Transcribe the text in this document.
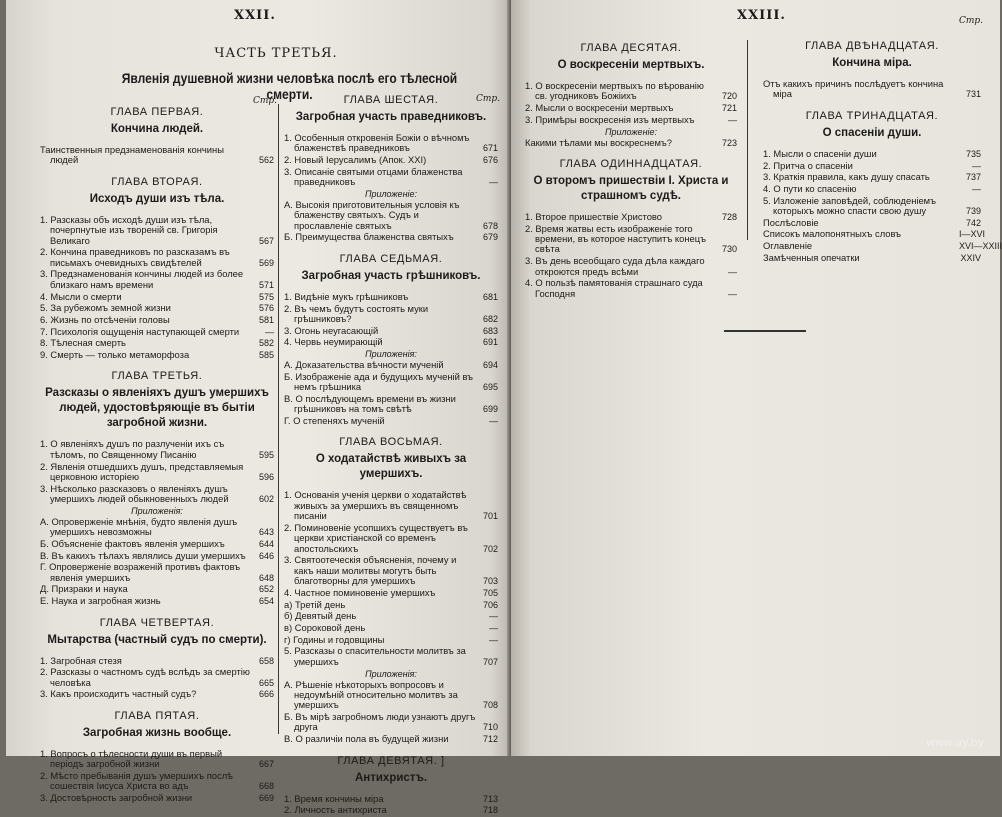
XXII.
ЧАСТЬ ТРЕТЬЯ.
Явленія душевной жизни человѣка послѣ его тѣлесной смерти.
Стр.	Стр.
ГЛАВА ПЕРВАЯ.
Кончина людей.
Таинственныя предзнаменованія кончины людей	562
ГЛАВА ВТОРАЯ.
Исходъ души изъ тѣла.
1. Разсказы объ исходѣ души изъ тѣла, почерпнутые изъ твореній св. Григорія Великаго	567
2. Кончина праведниковъ по разсказамъ въ письмахъ очевидныхъ свидѣтелей	569
3. Предзнаменованія кончины людей из более близкаго намъ времени	571
4. Мысли о смерти	575
5. За рубежомъ земной жизни	576
6. Жизнь по отсѣченіи головы	581
7. Психологія ощущенія наступающей смерти	—
8. Тѣлесная смерть	582
9. Смерть — только метаморфоза	585
ГЛАВА ТРЕТЬЯ.
Разсказы о явленіяхъ душъ умершихъ людей, удостовѣряющіе въ бытіи загробной жизни.
1. О явленіяхъ душъ по разлученіи ихъ съ тѣломъ, по Священному Писанію	595
2. Явленія отшедшихъ душъ, представляемыя церковною исторіею	596
3. Нѣсколько разсказовъ о явленіяхъ душъ умершихъ людей обыкновенныхъ людей	602
Приложенія:
А. Опроверженіе мнѣнія, будто явленія душъ умершихъ невозможны	643
Б. Объясненіе фактовъ явленія умершихъ	644
В. Въ какихъ тѣлахъ являлись души умершихъ	646
Г. Опроверженіе возраженій противъ фактовъ явленія умершихъ	648
Д. Призраки и наука	652
Е. Наука и загробная жизнь	654
ГЛАВА ЧЕТВЕРТАЯ.
Мытарства (частный судъ по смерти).
1. Загробная стезя	658
2. Разсказы о частномъ судѣ вслѣдъ за смертію человѣка	665
3. Какъ происходитъ частный судъ?	666
ГЛАВА ПЯТАЯ.
Загробная жизнь вообще.
1. Вопросъ о тѣлесности души въ первый періодъ загробной жизни	667
2. Мѣсто пребыванія душъ умершихъ послѣ сошествія Іисуса Христа во адъ	668
3. Достовѣрность загробной жизни	669
ГЛАВА ШЕСТАЯ.
Загробная участь праведниковъ.
1. Особенныя откровенія Божіи о вѣчномъ блаженствѣ праведниковъ	671
2. Новый Іерусалимъ (Апок. XXI)	676
3. Описаніе святыми отцами блаженства праведниковъ	—
Приложеніе:
А. Высокія приготовительныя условія къ блаженству святыхъ. Судъ и прославленіе святыхъ	678
Б. Преимущества блаженства святыхъ	679
ГЛАВА СЕДЬМАЯ.
Загробная участь грѣшниковъ.
1. Видѣніе мукъ грѣшниковъ	681
2. Въ чемъ будутъ состоять муки грѣшниковъ?	682
3. Огонь неугасающій	683
4. Червь неумирающій	691
Приложенія:
А. Доказательства вѣчности мученій	694
Б. Изображеніе ада и будущихъ мученій въ немъ грѣшника	695
В. О послѣдующемъ времени въ жизни грѣшниковъ на томъ свѣтѣ	699
Г. О степеняхъ мученій	—
ГЛАВА ВОСЬМАЯ.
О ходатайствѣ живыхъ за умершихъ.
1. Основанія ученія церкви о ходатайствѣ живыхъ за умершихъ въ священномъ писаніи	701
2. Поминовеніе усопшихъ существуетъ въ церкви христіанской со временъ апостольскихъ	702
3. Святоотеческія объясненія, почему и какъ наши молитвы могутъ быть благотворны для умершихъ	703
4. Частное поминовеніе умершихъ	705
а) Третій день	706
б) Девятый день	—
в) Сороковой день	—
г) Годины и годовщины	—
5. Разсказы о спасительности молитвъ за умершихъ	707
Приложенія:
А. Рѣшеніе нѣкоторыхъ вопросовъ и недоумѣній относительно молитвъ за умершихъ	708
Б. Въ мірѣ загробномъ люди узнаютъ другъ друга	710
В. О различіи пола въ будущей жизни	712
ГЛАВА ДЕВЯТАЯ. ]
Антихристъ.
1. Время кончины міра	713
2. Личность антихриста	718
XXIII.	Стр.
ГЛАВА ДЕСЯТАЯ.
О воскресеніи мертвыхъ.
1. О воскресеніи мертвыхъ по вѣрованію св. угодниковъ Божіихъ	720
2. Мысли о воскресеніи мертвыхъ	721
3. Примѣры воскресенія изъ мертвыхъ	—
Приложеніе:
Какими тѣлами мы воскреснемъ?	723
ГЛАВА ОДИННАДЦАТАЯ.
О второмъ пришествіи І. Христа и страшномъ судѣ.
1. Второе пришествіе Христово	728
2. Время жатвы есть изображеніе того времени, въ которое наступитъ конецъ свѣта	730
3. Въ день всеобщаго суда дѣла каждаго откроются предъ всѣми	—
4. О пользѣ памятованія страшнаго суда Господня	—
ГЛАВА ДВѢНАДЦАТАЯ.
Кончина міра.
Отъ какихъ причинъ послѣдуетъ кончина міра	731
ГЛАВА ТРИНАДЦАТАЯ.
О спасеніи души.
1. Мысли о спасеніи души	735
2. Притча о спасеніи	—
3. Краткія правила, какъ душу спасать	737
4. О пути ко спасенію	—
5. Изложеніе заповѣдей, соблюденіемъ которыхъ можно спасти свою душу	739
Послѣсловіе	742
Списокъ малопонятныхъ словъ	I—XVI
Оглавленіе	XVI—XXIII
Замѣченныя опечатки	XXIV
www.ay.by
